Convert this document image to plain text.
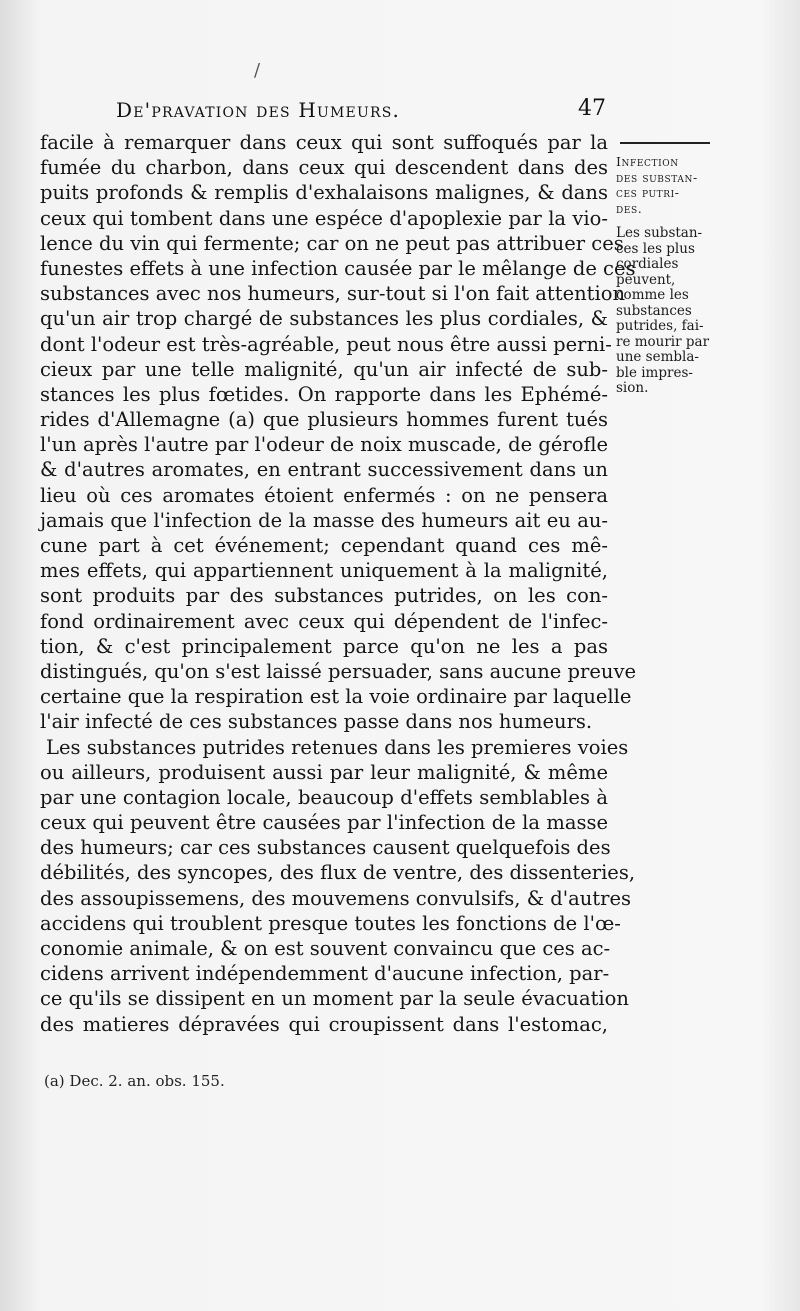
/
De'pravation des Humeurs.	47
facile à remarquer dans ceux qui sont suffoqués par la
fumée du charbon, dans ceux qui descendent dans des
puits profonds & remplis d'exhalaisons malignes, & dans
ceux qui tombent dans une espéce d'apoplexie par la vio-
lence du vin qui fermente; car on ne peut pas attribuer ces
funestes effets à une infection causée par le mêlange de ces
substances avec nos humeurs, sur-tout si l'on fait attention
qu'un air trop chargé de substances les plus cordiales, &
dont l'odeur est très-agréable, peut nous être aussi perni-
cieux par une telle malignité, qu'un air infecté de sub-
stances les plus fœtides. On rapporte dans les Ephémé-
rides d'Allemagne (a) que plusieurs hommes furent tués
l'un après l'autre par l'odeur de noix muscade, de gérofle
& d'autres aromates, en entrant successivement dans un
lieu où ces aromates étoient enfermés : on ne pensera
jamais que l'infection de la masse des humeurs ait eu au-
cune part à cet événement; cependant quand ces mê-
mes effets, qui appartiennent uniquement à la malignité,
sont produits par des substances putrides, on les con-
fond ordinairement avec ceux qui dépendent de l'infec-
tion, & c'est principalement parce qu'on ne les a pas
distingués, qu'on s'est laissé persuader, sans aucune preuve
certaine que la respiration est la voie ordinaire par laquelle
l'air infecté de ces substances passe dans nos humeurs.
Les substances putrides retenues dans les premieres voies
ou ailleurs, produisent aussi par leur malignité, & même
par une contagion locale, beaucoup d'effets semblables à
ceux qui peuvent être causées par l'infection de la masse
des humeurs; car ces substances causent quelquefois des
débilités, des syncopes, des flux de ventre, des dissenteries,
des assoupissemens, des mouvemens convulsifs, & d'autres
accidens qui troublent presque toutes les fonctions de l'œ-
conomie animale, & on est souvent convaincu que ces ac-
cidens arrivent indépendemment d'aucune infection, par-
ce qu'ils se dissipent en un moment par la seule évacuation
des matieres dépravées qui croupissent dans l'estomac,
Infection
des substan-
ces putri-
des.
Les substan-
ces les plus
cordiales
peuvent,
comme les
substances
putrides, fai-
re mourir par
une sembla-
ble impres-
sion.
(a) Dec. 2. an. obs. 155.
